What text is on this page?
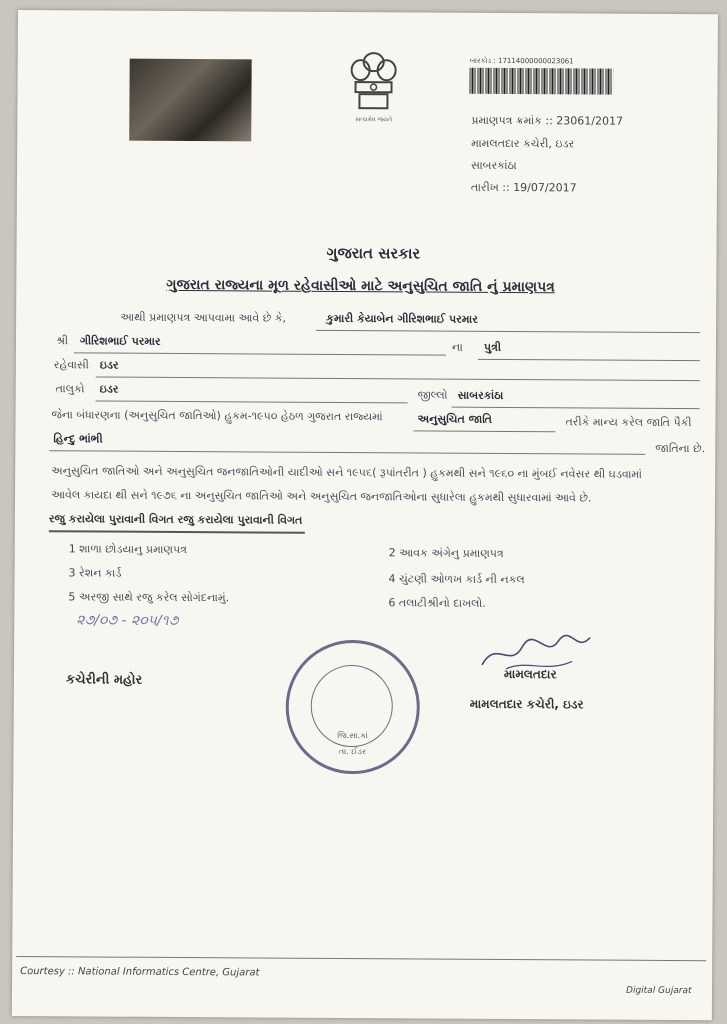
સત્યમેવ જયતે
બારકોડ : 17114000000023061
પ્રમાણપત્ર ક્રમાંક :: 23061/2017
મામલતદાર કચેરી, ઇડર
સાબરકાંઠા
તારીખ :: 19/07/2017
ગુજરાત સરકાર
ગુજરાત રાજ્યના મૂળ રહેવાસીઓ માટે અનુસુચિત જાતિ નું પ્રમાણપત્ર
આથી પ્રમાણપત્ર આપવામા આવે છે કે,	કુમારી કેયાબેન ગીરિશભાઈ પરમાર
શ્રી ગીરિશભાઈ પરમાર	ના પુત્રી
રહેવાસી ઇડર
તાલુકો ઇડર	જીલ્લો સાબરકાંઠા
જેના બંધારણના (અનુસુચિત જાતિઓ) હુકમ-૧૯૫૦ હેઠળ ગુજરાત રાજ્યમાં	અનુસુચિત જાતિ	તરીકે માન્ય કરેલ જાતિ પૈકી
હિન્દુ ભાંભી
જાતિના છે.
અનુસુચિત જાતિઓ અને અનુસુચિત જનજાતિઓની યાદીઓ સને ૧૯૫૬( રૂપાંતરીત ) હુકમથી સને ૧૯૬૦ ના મુંબઈ નવેસર થી ઘડવામાં
આવેલ કાયદા થી સને ૧૯૭૬ ના અનુસુચિત જાતિઓ અને અનુસુચિત જનજાતિઓના સુધારેલા હુકમથી સુધારવામાં આવે છે.
રજુ કરાયેલા પુરાવાની વિગત રજુ કરાયેલા પુરાવાની વિગત
1 શાળા છોડયાનુ પ્રમાણપત્ર	2 આવક અંગેનુ પ્રમાણપત્ર
3 રેશન કાર્ડ	4 ચુંટણી ઓળખ કાર્ડ ની નકલ
5 અરજી સાથે રજુ કરેલ સોગંદનામું.	6 તલાટીશ્રીનો દાખલો.
૨૭/૦૭ - ૨૦૫/૧૭
જિ.સા.કાં
તા. ઈડર
કચેરીની મહોર	મામલતદાર
મામલતદાર કચેરી, ઇડર
Courtesy :: National Informatics Centre, Gujarat
Digital Gujarat
